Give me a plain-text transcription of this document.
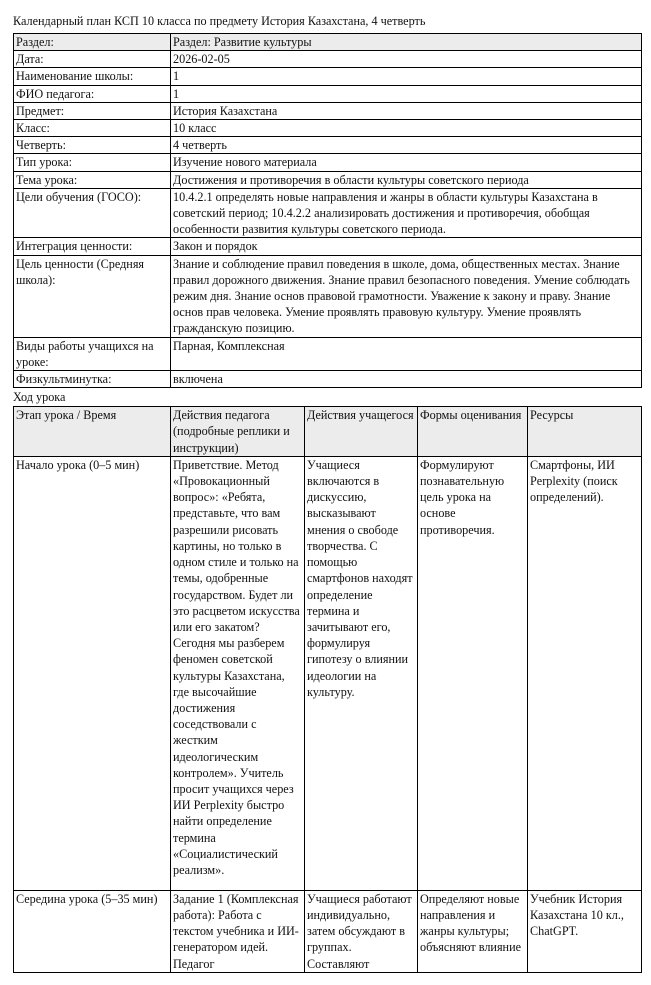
Календарный план КСП 10 класса по предмету История Казахстана, 4 четверть
Раздел:	Раздел: Развитие культуры
Дата:	2026-02-05
Наименование школы:	1
ФИО педагога:	1
Предмет:	История Казахстана
Класс:	10 класс
Четверть:	4 четверть
Тип урока:	Изучение нового материала
Тема урока:	Достижения и противоречия в области культуры советского периода
Цели обучения (ГОСО):	10.4.2.1 определять новые направления и жанры в области культуры Казахстана в советский период; 10.4.2.2 анализировать достижения и противоречия, обобщая особенности развития культуры советского периода.
Интеграция ценности:	Закон и порядок
Цель ценности (Средняя школа):	Знание и соблюдение правил поведения в школе, дома, общественных местах. Знание правил дорожного движения. Знание правил безопасного поведения. Умение соблюдать режим дня. Знание основ правовой грамотности. Уважение к закону и праву. Знание основ прав человека. Умение проявлять правовую культуру. Умение проявлять гражданскую позицию.
Виды работы учащихся на уроке:	Парная, Комплексная
Физкультминутка:	включена
Ход урока
Этап урока / Время	Действия педагога (подробные реплики и инструкции)	Действия учащегося	Формы оценивания	Ресурсы
Начало урока (0–5 мин)	Приветствие. Метод «Провокационный вопрос»: «Ребята, представьте, что вам разрешили рисовать картины, но только в одном стиле и только на темы, одобренные государством. Будет ли это расцветом искусства или его закатом? Сегодня мы разберем феномен советской культуры Казахстана, где высочайшие достижения соседствовали с жестким идеологическим контролем». Учитель просит учащихся через ИИ Perplexity быстро найти определение термина «Социалистический реализм».	Учащиеся включаются в дискуссию, высказывают мнения о свободе творчества. С помощью смартфонов находят определение термина и зачитывают его, формулируя гипотезу о влиянии идеологии на культуру.	Формулируют познавательную цель урока на основе противоречия.	Смартфоны, ИИ Perplexity (поиск определений).
Середина урока (5–35 мин)	Задание 1 (Комплексная работа): Работа с текстом учебника и ИИ-генератором идей. Педагог	Учащиеся работают индивидуально, затем обсуждают в группах. Составляют	Определяют новые направления и жанры культуры; объясняют влияние	Учебник История Казахстана 10 кл., ChatGPT.
